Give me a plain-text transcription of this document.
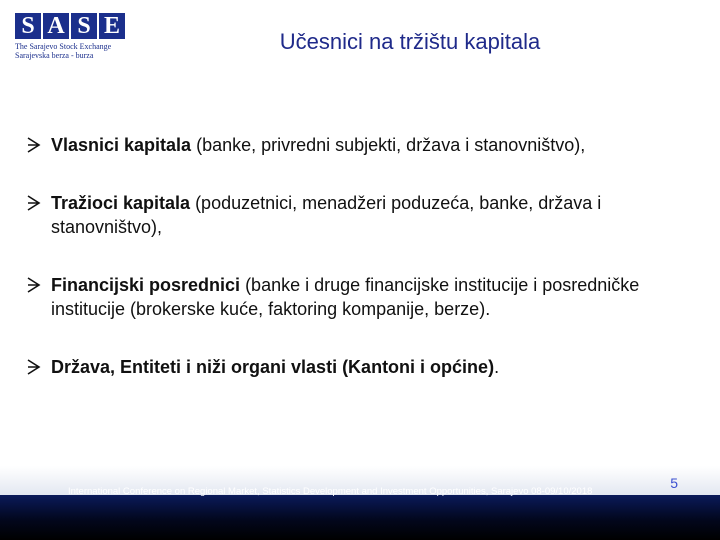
S A S E
The Sarajevo Stock Exchange
Sarajevska berza - burza
Učesnici na tržištu kapitala
Vlasnici kapitala (banke, privredni subjekti, država i stanovništvo),
Tražioci kapitala (poduzetnici, menadžeri poduzeća, banke, država i stanovništvo),
Financijski posrednici (banke i druge financijske institucije i posredničke institucije (brokerske kuće, faktoring kompanije, berze).
Država, Entiteti i niži organi vlasti (Kantoni i općine).
5
International Conference on Regional Market, Statistics Development and Investment Opportunities, Sarajevo 08-09/10/2018
